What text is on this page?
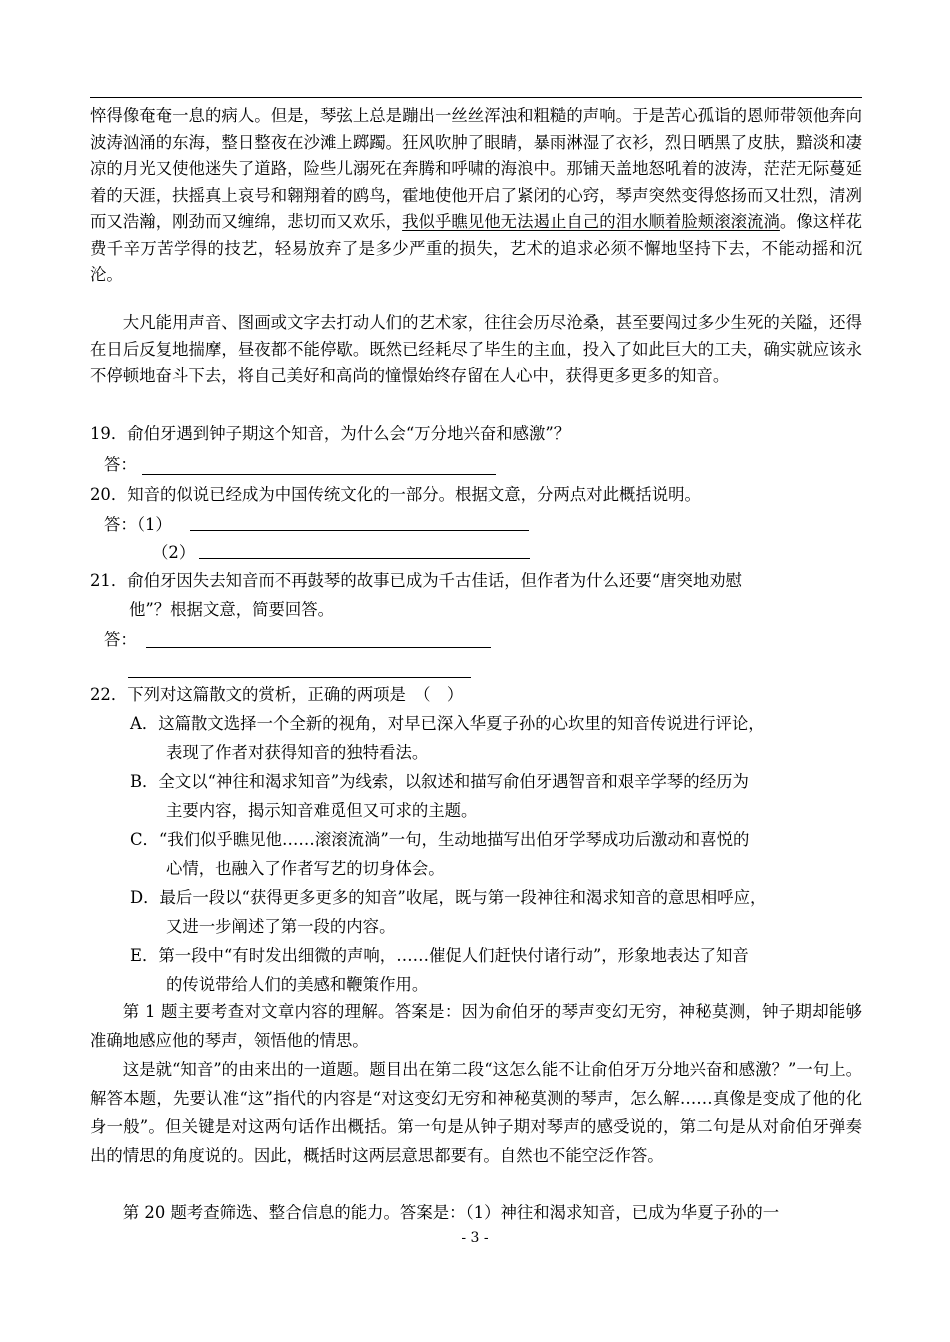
悴得像奄奄一息的病人。但是，琴弦上总是蹦出一丝丝浑浊和粗糙的声响。于是苦心孤诣的恩师带领他奔向波涛汹涌的东海，整日整夜在沙滩上踯躅。狂风吹肿了眼睛，暴雨淋湿了衣衫，烈日晒黑了皮肤，黯淡和凄凉的月光又使他迷失了道路，险些儿溺死在奔腾和呼啸的海浪中。那铺天盖地怒吼着的波涛，茫茫无际蔓延着的天涯，扶摇真上哀号和翱翔着的鸥鸟，霍地使他开启了紧闭的心窍，琴声突然变得悠扬而又壮烈，清冽而又浩瀚，刚劲而又缠绵，悲切而又欢乐，我似乎瞧见他无法遏止自己的泪水顺着脸颊滚滚流淌。像这样花费千辛万苦学得的技艺，轻易放弃了是多少严重的损失，艺术的追求必须不懈地坚持下去，不能动摇和沉沦。
大凡能用声音、图画或文字去打动人们的艺术家，往往会历尽沧桑，甚至要闯过多少生死的关隘，还得在日后反复地揣摩，昼夜都不能停歇。既然已经耗尽了毕生的主血，投入了如此巨大的工夫，确实就应该永不停顿地奋斗下去，将自己美好和高尚的憧憬始终存留在人心中，获得更多更多的知音。
19．俞伯牙遇到钟子期这个知音，为什么会“万分地兴奋和感激”？
答：
20．知音的似说已经成为中国传统文化的一部分。根据文意，分两点对此概括说明。
答：（1）
（2）
21．俞伯牙因失去知音而不再鼓琴的故事已成为千古佳话，但作者为什么还要“唐突地劝慰
他”？根据文意，简要回答。
答：
22．下列对这篇散文的赏析，正确的两项是　（　）
A．这篇散文选择一个全新的视角，对早已深入华夏子孙的心坎里的知音传说进行评论，
表现了作者对获得知音的独特看法。
B．全文以“神往和渴求知音”为线索，以叙述和描写俞伯牙遇智音和艰辛学琴的经历为
主要内容，揭示知音难觅但又可求的主题。
C．“我们似乎瞧见他……滚滚流淌”一句，生动地描写出伯牙学琴成功后激动和喜悦的
心情，也融入了作者写艺的切身体会。
D．最后一段以“获得更多更多的知音”收尾，既与第一段神往和渴求知音的意思相呼应，
又进一步阐述了第一段的内容。
E．第一段中“有时发出细微的声响，……催促人们赶快付诸行动”，形象地表达了知音
的传说带给人们的美感和鞭策作用。
第 1 题主要考查对文章内容的理解。答案是：因为俞伯牙的琴声变幻无穷，神秘莫测，钟子期却能够准确地感应他的琴声，领悟他的情思。
这是就“知音”的由来出的一道题。题目出在第二段“这怎么能不让俞伯牙万分地兴奋和感激？”一句上。解答本题，先要认准“这”指代的内容是“对这变幻无穷和神秘莫测的琴声，怎么解……真像是变成了他的化身一般”。但关键是对这两句话作出概括。第一句是从钟子期对琴声的感受说的，第二句是从对俞伯牙弹奏出的情思的角度说的。因此，概括时这两层意思都要有。自然也不能空泛作答。
第 20 题考查筛选、整合信息的能力。答案是：（1）神往和渴求知音，已成为华夏子孙的一
- 3 -
